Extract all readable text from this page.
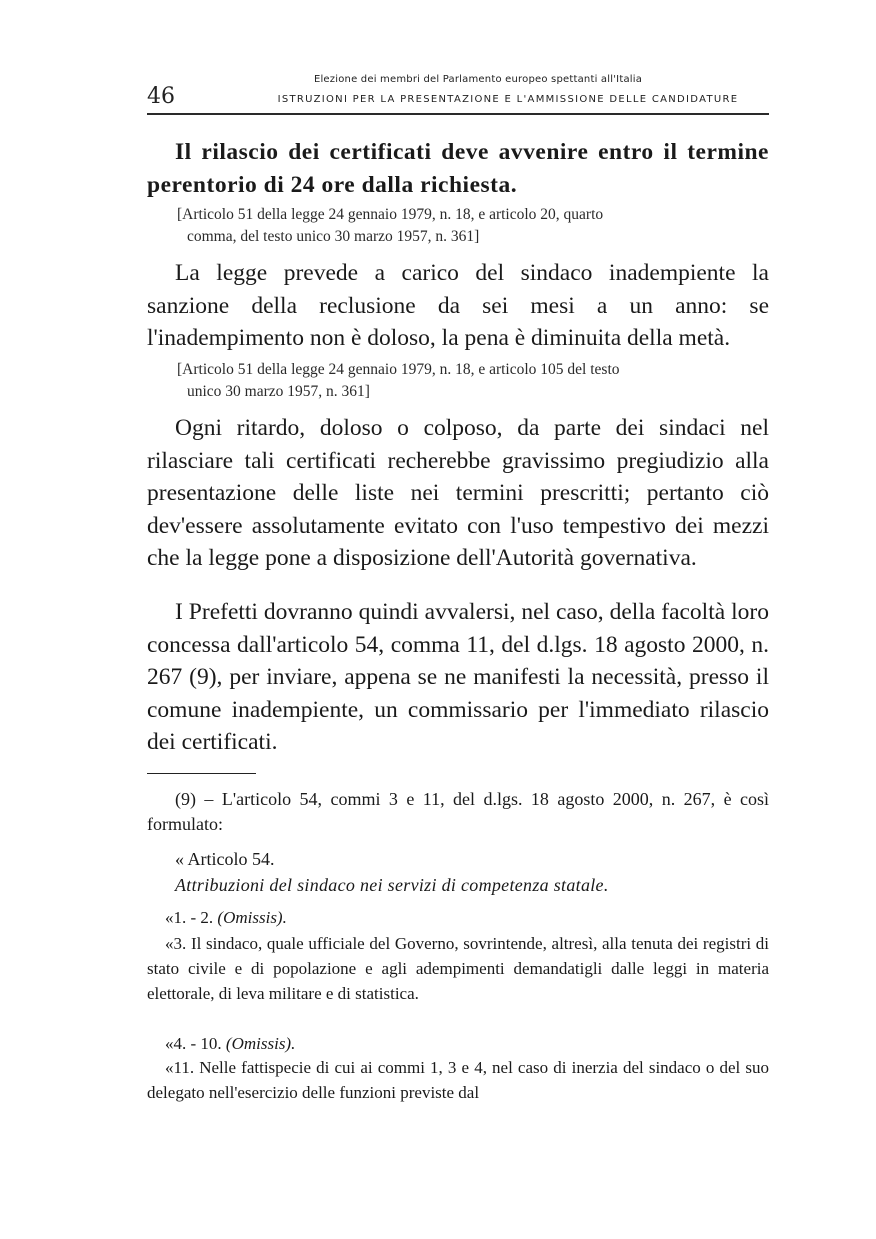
46
Elezione dei membri del Parlamento europeo spettanti all'Italia
ISTRUZIONI PER LA PRESENTAZIONE E L'AMMISSIONE DELLE CANDIDATURE
Il rilascio dei certificati deve avvenire entro il termine perentorio di 24 ore dalla richiesta.
[Articolo 51 della legge 24 gennaio 1979, n. 18, e articolo 20, quarto
comma, del testo unico 30 marzo 1957, n. 361]
La legge prevede a carico del sindaco inadempiente la sanzione della reclusione da sei mesi a un anno: se l'inadempimento non è doloso, la pena è diminuita della metà.
[Articolo 51 della legge 24 gennaio 1979, n. 18, e articolo 105 del testo
unico 30 marzo 1957, n. 361]
Ogni ritardo, doloso o colposo, da parte dei sindaci nel rilasciare tali certificati recherebbe gravissimo pregiudizio alla presentazione delle liste nei termini prescritti; pertanto ciò dev'essere assolutamente evitato con l'uso tempestivo dei mezzi che la legge pone a disposizione dell'Autorità governativa.
I Prefetti dovranno quindi avvalersi, nel caso, della facoltà loro concessa dall'articolo 54, comma 11, del d.lgs. 18 agosto 2000, n. 267 (9), per inviare, appena se ne manifesti la necessità, presso il comune inadempiente, un commissario per l'immediato rilascio dei certificati.
(9) – L'articolo 54, commi 3 e 11, del d.lgs. 18 agosto 2000, n. 267, è così formulato:
« Articolo 54.
Attribuzioni del sindaco nei servizi di competenza statale.
«1. - 2. (Omissis).
«3. Il sindaco, quale ufficiale del Governo, sovrintende, altresì, alla tenuta dei registri di stato civile e di popolazione e agli adempimenti demandatigli dalle leggi in materia elettorale, di leva militare e di statistica.
«4. - 10. (Omissis).
«11. Nelle fattispecie di cui ai commi 1, 3 e 4, nel caso di inerzia del sindaco o del suo delegato nell'esercizio delle funzioni previste dal
